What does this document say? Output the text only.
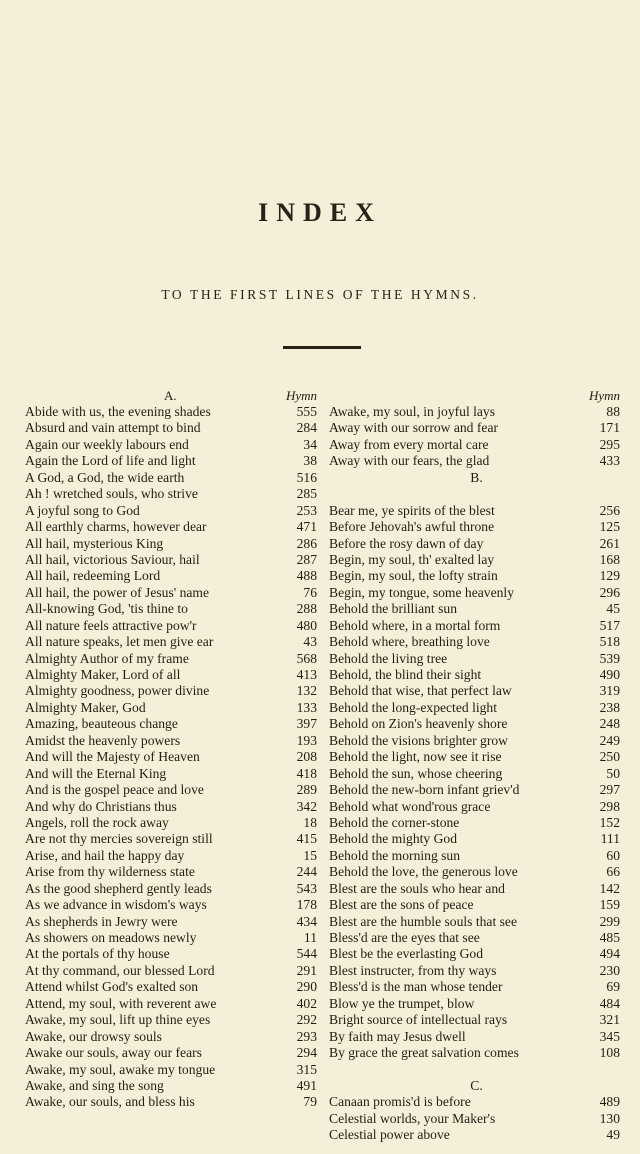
INDEX
TO THE FIRST LINES OF THE HYMNS.
A.	Hymn
Abide with us, the evening shades	555
Absurd and vain attempt to bind	284
Again our weekly labours end	34
Again the Lord of life and light	38
A God, a God, the wide earth	516
Ah ! wretched souls, who strive	285
A joyful song to God	253
All earthly charms, however dear	471
All hail, mysterious King	286
All hail, victorious Saviour, hail	287
All hail, redeeming Lord	488
All hail, the power of Jesus' name	76
All-knowing God, 'tis thine to	288
All nature feels attractive pow'r	480
All nature speaks, let men give ear	43
Almighty Author of my frame	568
Almighty Maker, Lord of all	413
Almighty goodness, power divine	132
Almighty Maker, God	133
Amazing, beauteous change	397
Amidst the heavenly powers	193
And will the Majesty of Heaven	208
And will the Eternal King	418
And is the gospel peace and love	289
And why do Christians thus	342
Angels, roll the rock away	18
Are not thy mercies sovereign still	415
Arise, and hail the happy day	15
Arise from thy wilderness state	244
As the good shepherd gently leads	543
As we advance in wisdom's ways	178
As shepherds in Jewry were	434
As showers on meadows newly	11
At the portals of thy house	544
At thy command, our blessed Lord	291
Attend whilst God's exalted son	290
Attend, my soul, with reverent awe	402
Awake, my soul, lift up thine eyes	292
Awake, our drowsy souls	293
Awake our souls, away our fears	294
Awake, my soul, awake my tongue	315
Awake, and sing the song	491
Awake, our souls, and bless his	79
Hymn
Awake, my soul, in joyful lays	88
Away with our sorrow and fear	171
Away from every mortal care	295
Away with our fears, the glad	433
B.
Bear me, ye spirits of the blest	256
Before Jehovah's awful throne	125
Before the rosy dawn of day	261
Begin, my soul, th' exalted lay	168
Begin, my soul, the lofty strain	129
Begin, my tongue, some heavenly	296
Behold the brilliant sun	45
Behold where, in a mortal form	517
Behold where, breathing love	518
Behold the living tree	539
Behold, the blind their sight	490
Behold that wise, that perfect law	319
Behold the long-expected light	238
Behold on Zion's heavenly shore	248
Behold the visions brighter grow	249
Behold the light, now see it rise	250
Behold the sun, whose cheering	50
Behold the new-born infant griev'd	297
Behold what wond'rous grace	298
Behold the corner-stone	152
Behold the mighty God	111
Behold the morning sun	60
Behold the love, the generous love	66
Blest are the souls who hear and	142
Blest are the sons of peace	159
Blest are the humble souls that see	299
Bless'd are the eyes that see	485
Blest be the everlasting God	494
Blest instructer, from thy ways	230
Bless'd is the man whose tender	69
Blow ye the trumpet, blow	484
Bright source of intellectual rays	321
By faith may Jesus dwell	345
By grace the great salvation comes	108
C.
Canaan promis'd is before	489
Celestial worlds, your Maker's	130
Celestial power above	49
